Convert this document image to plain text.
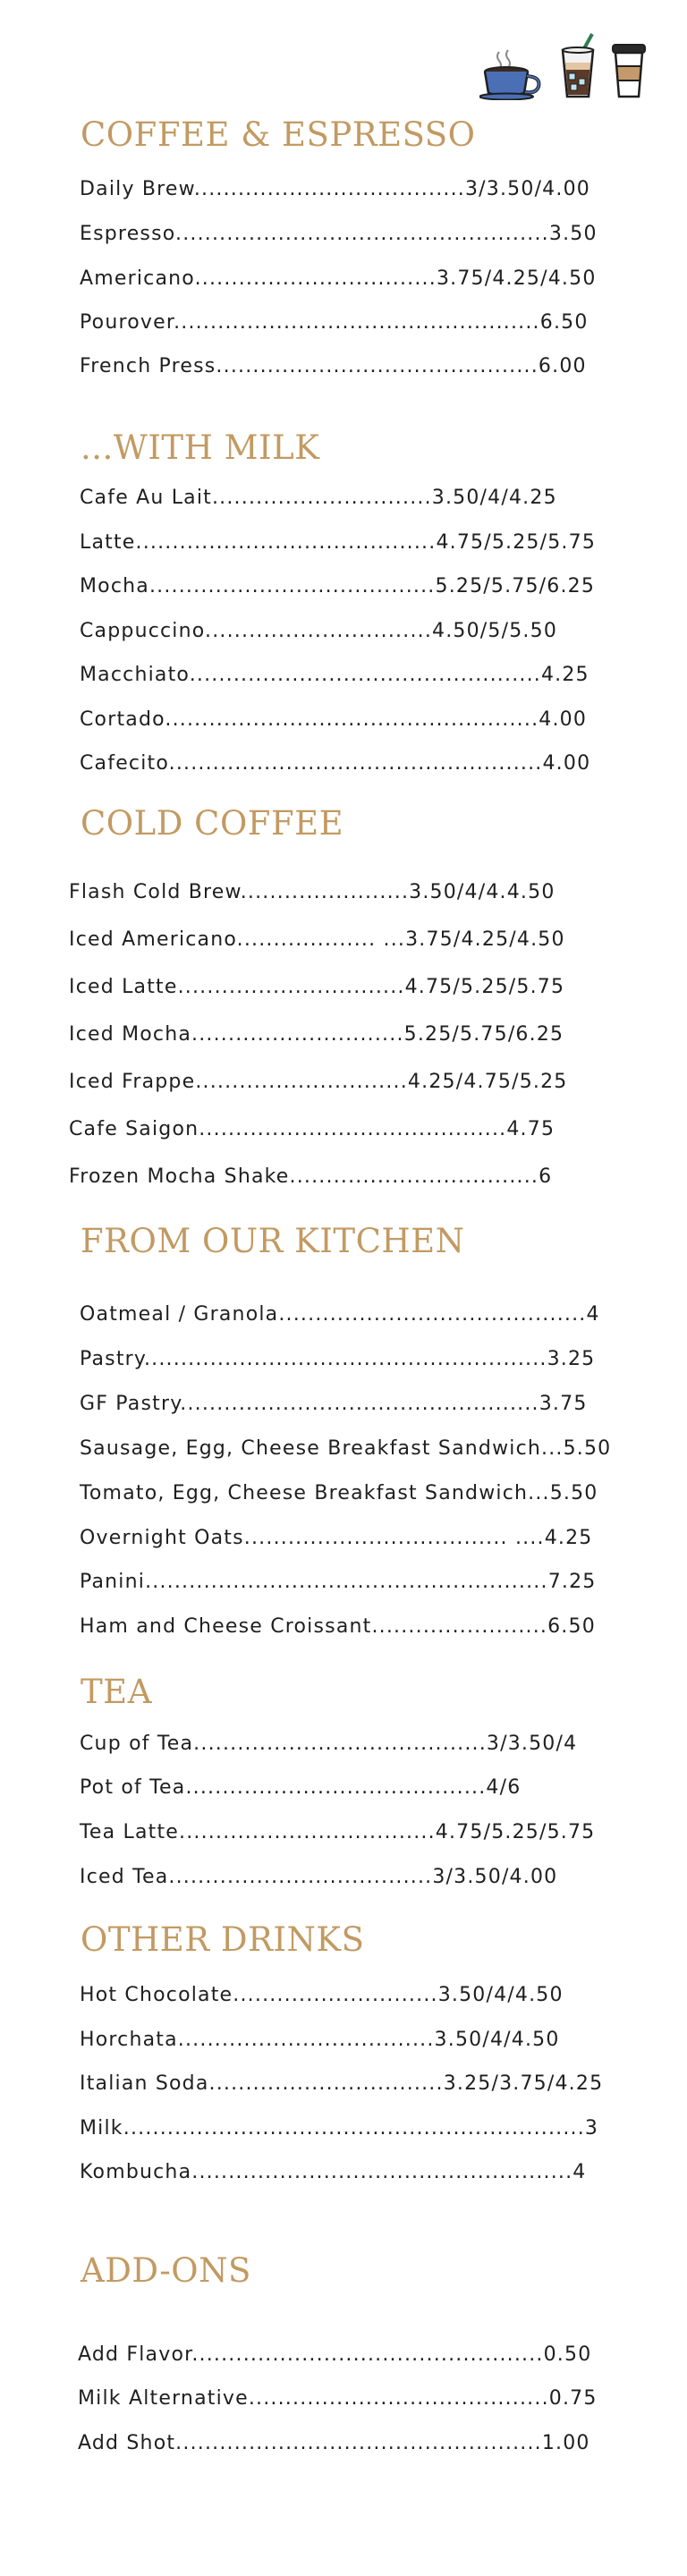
COFFEE & ESPRESSO
Daily Brew.....................................3/3.50/4.00
Espresso...................................................3.50
Americano.................................3.75/4.25/4.50
Pourover..................................................6.50
French Press............................................6.00
...WITH MILK
Cafe Au Lait..............................3.50/4/4.25
Latte.........................................4.75/5.25/5.75
Mocha.......................................5.25/5.75/6.25
Cappuccino...............................4.50/5/5.50
Macchiato................................................4.25
Cortado...................................................4.00
Cafecito...................................................4.00
COLD COFFEE
Flash Cold Brew.......................3.50/4/4.4.50
Iced Americano................... ...3.75/4.25/4.50
Iced Latte...............................4.75/5.25/5.75
Iced Mocha.............................5.25/5.75/6.25
Iced Frappe.............................4.25/4.75/5.25
Cafe Saigon..........................................4.75
Frozen Mocha Shake..................................6
FROM OUR KITCHEN
Oatmeal / Granola..........................................4
Pastry.......................................................3.25
GF Pastry.................................................3.75
Sausage, Egg, Cheese Breakfast Sandwich...5.50
Tomato, Egg, Cheese Breakfast Sandwich...5.50
Overnight Oats.................................... ....4.25
Panini.......................................................7.25
Ham and Cheese Croissant........................6.50
TEA
Cup of Tea........................................3/3.50/4
Pot of Tea.........................................4/6
Tea Latte...................................4.75/5.25/5.75
Iced Tea....................................3/3.50/4.00
OTHER DRINKS
Hot Chocolate............................3.50/4/4.50
Horchata...................................3.50/4/4.50
Italian Soda................................3.25/3.75/4.25
Milk...............................................................3
Kombucha....................................................4
ADD-ONS
Add Flavor................................................0.50
Milk Alternative.........................................0.75
Add Shot..................................................1.00
